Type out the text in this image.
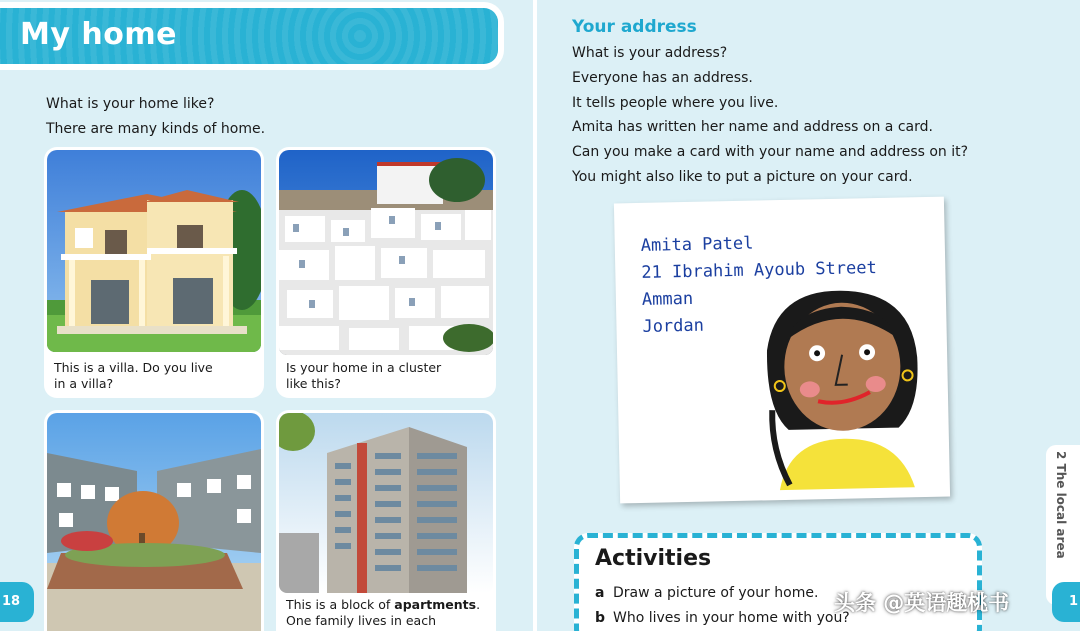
My home
What is your home like?
There are many kinds of home.
This is a villa. Do you live
in a villa?
Is your home in a cluster
like this?
This is a block of apartments.
One family lives in each
18
Your address
What is your address?
Everyone has an address.
It tells people where you live.
Amita has written her name and address on a card.
Can you make a card with your name and address on it?
You might also like to put a picture on your card.
Amita Patel
21 Ibrahim Ayoub Street
Amman
Jordan
2 The local area
Activities
a Draw a picture of your home.
b Who lives in your home with you?
1
头条 @英语趣桃书
